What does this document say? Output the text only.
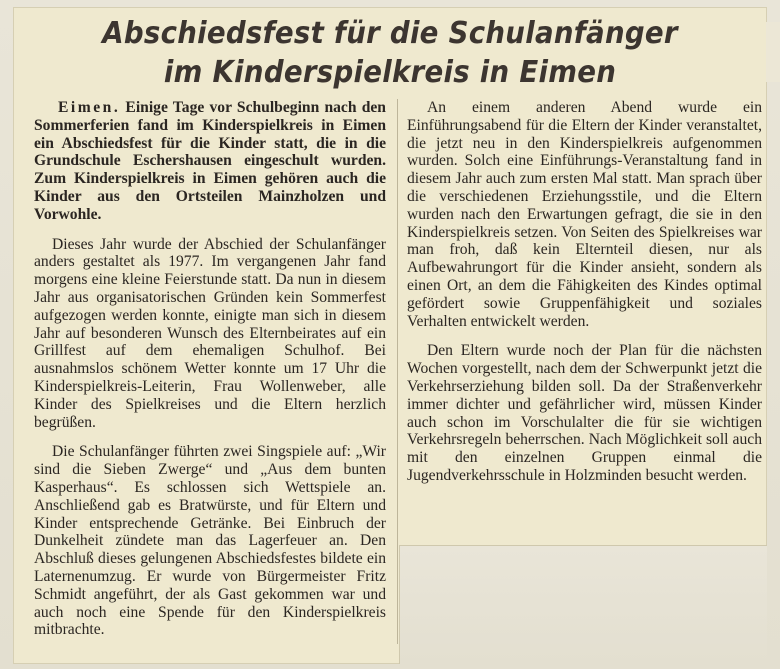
Abschiedsfest für die Schulanfänger
im Kinderspielkreis in Eimen

Eimen. Einige Tage vor Schulbeginn nach den Sommerferien fand im Kinderspielkreis in Eimen ein Abschiedsfest für die Kinder statt, die in die Grundschule Eschershausen eingeschult wurden. Zum Kinderspielkreis in Eimen gehören auch die Kinder aus den Ortsteilen Mainzholzen und Vorwohle.

Dieses Jahr wurde der Abschied der Schulanfänger anders gestaltet als 1977. Im vergangenen Jahr fand morgens eine kleine Feierstunde statt. Da nun in diesem Jahr aus organisatorischen Gründen kein Sommerfest aufgezogen werden konnte, einigte man sich in diesem Jahr auf besonderen Wunsch des Elternbeirates auf ein Grillfest auf dem ehemaligen Schulhof. Bei ausnahmslos schönem Wetter konnte um 17 Uhr die Kinderspielkreis-Leiterin, Frau Wollenweber, alle Kinder des Spielkreises und die Eltern herzlich begrüßen.

Die Schulanfänger führten zwei Singspiele auf: „Wir sind die Sieben Zwerge“ und „Aus dem bunten Kasperhaus“. Es schlossen sich Wettspiele an. Anschließend gab es Bratwürste, und für Eltern und Kinder entsprechende Getränke. Bei Einbruch der Dunkelheit zündete man das Lagerfeuer an. Den Abschluß dieses gelungenen Abschiedsfestes bildete ein Laternenumzug. Er wurde von Bürgermeister Fritz Schmidt angeführt, der als Gast gekommen war und auch noch eine Spende für den Kinderspielkreis mitbrachte.

An einem anderen Abend wurde ein Einführungsabend für die Eltern der Kinder veranstaltet, die jetzt neu in den Kinderspielkreis aufgenommen wurden. Solch eine Einführungs-Veranstaltung fand in diesem Jahr auch zum ersten Mal statt. Man sprach über die verschiedenen Erziehungsstile, und die Eltern wurden nach den Erwartungen gefragt, die sie in den Kinderspielkreis setzen. Von Seiten des Spielkreises war man froh, daß kein Elternteil diesen, nur als Aufbewahrungort für die Kinder ansieht, sondern als einen Ort, an dem die Fähigkeiten des Kindes optimal gefördert sowie Gruppenfähigkeit und soziales Verhalten entwickelt werden.

Den Eltern wurde noch der Plan für die nächsten Wochen vorgestellt, nach dem der Schwerpunkt jetzt die Verkehrserziehung bilden soll. Da der Straßenverkehr immer dichter und gefährlicher wird, müssen Kinder auch schon im Vorschulalter die für sie wichtigen Verkehrsregeln beherrschen. Nach Möglichkeit soll auch mit den einzelnen Gruppen einmal die Jugendverkehrsschule in Holzminden besucht werden.
